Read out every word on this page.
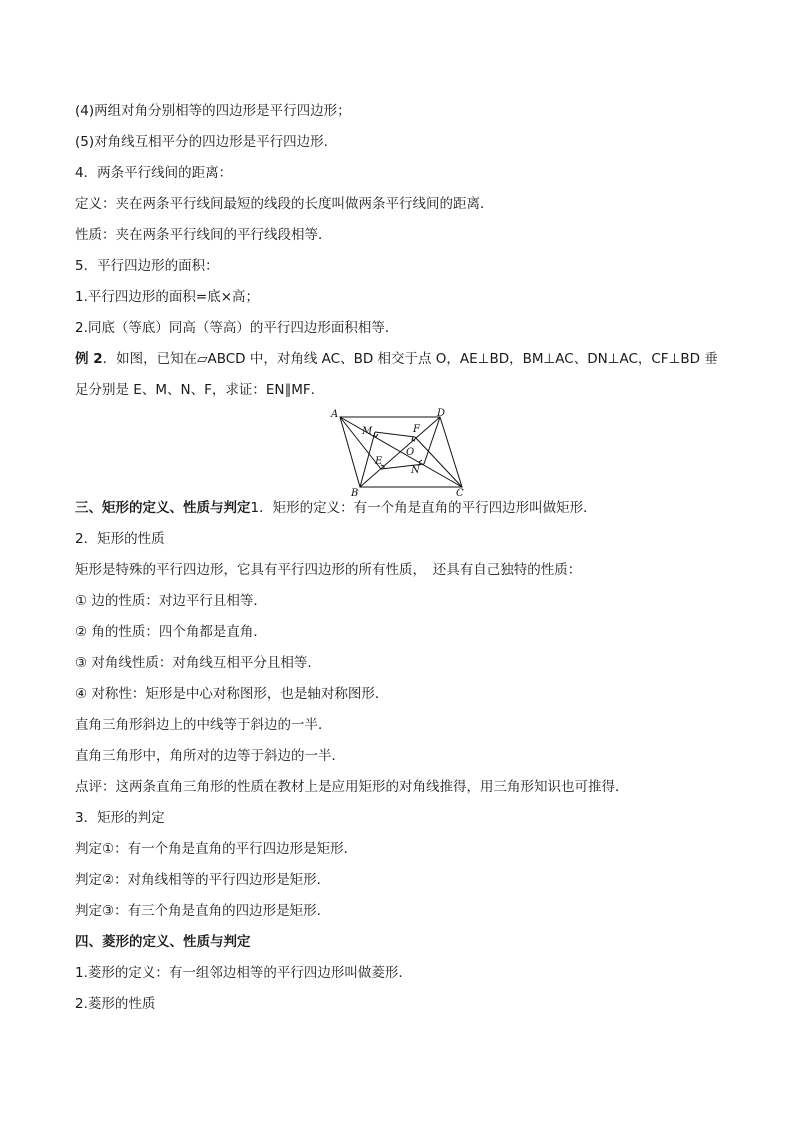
(4)两组对角分别相等的四边形是平行四边形；
(5)对角线互相平分的四边形是平行四边形．
4．两条平行线间的距离：
定义：夹在两条平行线间最短的线段的长度叫做两条平行线间的距离．
性质：夹在两条平行线间的平行线段相等．
5．平行四边形的面积：
1.平行四边形的面积=底×高；
2.同底（等底）同高（等高）的平行四边形面积相等．
例 2．如图，已知在▱ABCD 中，对角线 AC、BD 相交于点 O，AE⊥BD，BM⊥AC、DN⊥AC，CF⊥BD 垂
足分别是 E、M、N、F，求证：EN∥MF．
A	D
B	C
M	F
O
E
N
三、矩形的定义、性质与判定1．矩形的定义：有一个角是直角的平行四边形叫做矩形．
2．矩形的性质
矩形是特殊的平行四边形，它具有平行四边形的所有性质，　还具有自己独特的性质：
① 边的性质：对边平行且相等．
② 角的性质：四个角都是直角．
③ 对角线性质：对角线互相平分且相等．
④ 对称性：矩形是中心对称图形，也是轴对称图形．
直角三角形斜边上的中线等于斜边的一半．
直角三角形中，角所对的边等于斜边的一半．
点评：这两条直角三角形的性质在教材上是应用矩形的对角线推得，用三角形知识也可推得．
3．矩形的判定
判定①：有一个角是直角的平行四边形是矩形．
判定②：对角线相等的平行四边形是矩形．
判定③：有三个角是直角的四边形是矩形．
四、菱形的定义、性质与判定
1.菱形的定义：有一组邻边相等的平行四边形叫做菱形.
2.菱形的性质
